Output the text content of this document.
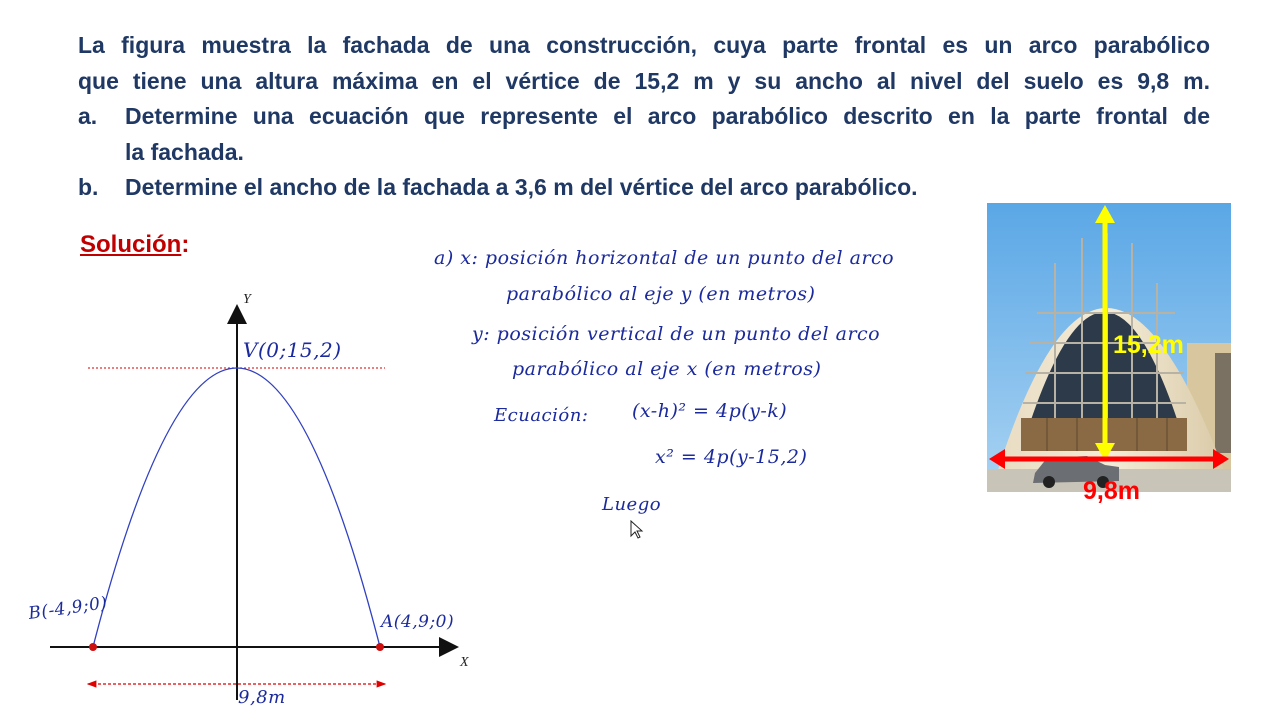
La figura muestra la fachada de una construcción, cuya parte frontal es un arco parabólico
que tiene una altura máxima en el vértice de 15,2 m y su ancho al nivel del suelo es 9,8 m.
a.	Determine una ecuación que represente el arco parabólico descrito en la parte frontal de
la fachada.
b.	Determine el ancho de la fachada a 3,6 m del vértice del arco parabólico.
Solución:
Y
X
V(0;15,2)
B(-4,9;0)	A(4,9;0)
9,8m
a) x: posición horizontal de un punto del arco
parabólico al eje y (en metros)
y: posición vertical de un punto del arco
parabólico al eje x (en metros)
Ecuación: (x-h)² = 4p(y-k)
x² = 4p(y-15,2)
Luego
15,2m
9,8m
